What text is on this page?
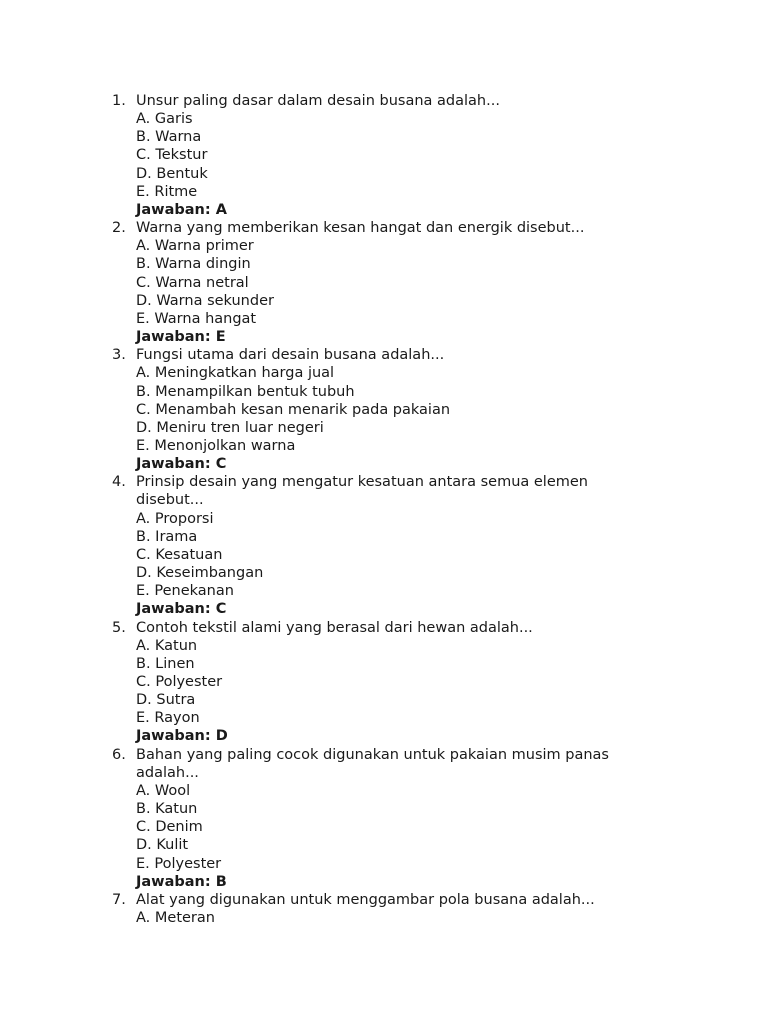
1. Unsur paling dasar dalam desain busana adalah...
A. Garis
B. Warna
C. Tekstur
D. Bentuk
E. Ritme
Jawaban: A
2. Warna yang memberikan kesan hangat dan energik disebut...
A. Warna primer
B. Warna dingin
C. Warna netral
D. Warna sekunder
E. Warna hangat
Jawaban: E
3. Fungsi utama dari desain busana adalah...
A. Meningkatkan harga jual
B. Menampilkan bentuk tubuh
C. Menambah kesan menarik pada pakaian
D. Meniru tren luar negeri
E. Menonjolkan warna
Jawaban: C
4. Prinsip desain yang mengatur kesatuan antara semua elemen disebut...
A. Proporsi
B. Irama
C. Kesatuan
D. Keseimbangan
E. Penekanan
Jawaban: C
5. Contoh tekstil alami yang berasal dari hewan adalah...
A. Katun
B. Linen
C. Polyester
D. Sutra
E. Rayon
Jawaban: D
6. Bahan yang paling cocok digunakan untuk pakaian musim panas adalah...
A. Wool
B. Katun
C. Denim
D. Kulit
E. Polyester
Jawaban: B
7. Alat yang digunakan untuk menggambar pola busana adalah...
A. Meteran
